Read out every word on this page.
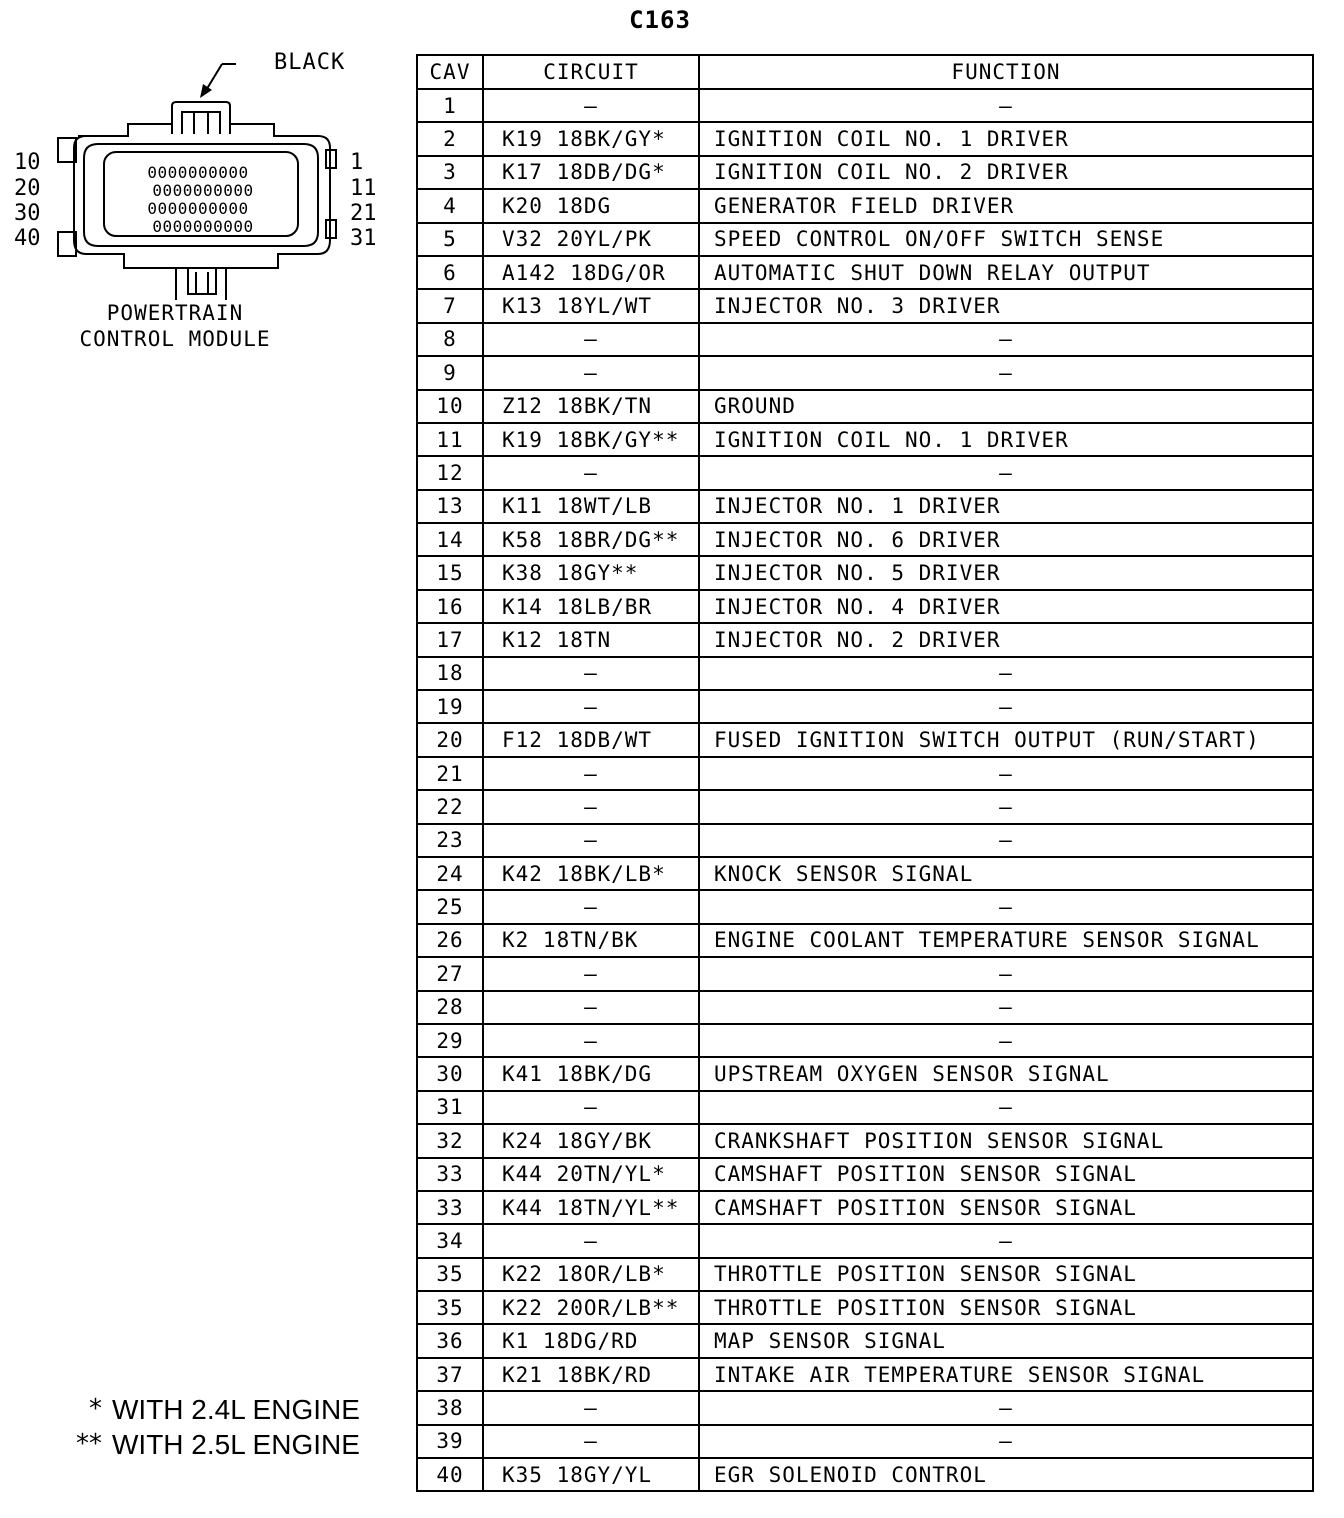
C163
0000000000
0000000000
0000000000
0000000000
BLACK
10
20
30
40
1
11
21
31
POWERTRAIN
CONTROL MODULE
* WITH 2.4L ENGINE
** WITH 2.5L ENGINE
CAV	CIRCUIT	FUNCTION
1	–	–
2	K19 18BK/GY*	IGNITION COIL NO. 1 DRIVER
3	K17 18DB/DG*	IGNITION COIL NO. 2 DRIVER
4	K20 18DG	GENERATOR FIELD DRIVER
5	V32 20YL/PK	SPEED CONTROL ON/OFF SWITCH SENSE
6	A142 18DG/OR	AUTOMATIC SHUT DOWN RELAY OUTPUT
7	K13 18YL/WT	INJECTOR NO. 3 DRIVER
8	–	–
9	–	–
10	Z12 18BK/TN	GROUND
11	K19 18BK/GY**	IGNITION COIL NO. 1 DRIVER
12	–	–
13	K11 18WT/LB	INJECTOR NO. 1 DRIVER
14	K58 18BR/DG**	INJECTOR NO. 6 DRIVER
15	K38 18GY**	INJECTOR NO. 5 DRIVER
16	K14 18LB/BR	INJECTOR NO. 4 DRIVER
17	K12 18TN	INJECTOR NO. 2 DRIVER
18	–	–
19	–	–
20	F12 18DB/WT	FUSED IGNITION SWITCH OUTPUT (RUN/START)
21	–	–
22	–	–
23	–	–
24	K42 18BK/LB*	KNOCK SENSOR SIGNAL
25	–	–
26	K2 18TN/BK	ENGINE COOLANT TEMPERATURE SENSOR SIGNAL
27	–	–
28	–	–
29	–	–
30	K41 18BK/DG	UPSTREAM OXYGEN SENSOR SIGNAL
31	–	–
32	K24 18GY/BK	CRANKSHAFT POSITION SENSOR SIGNAL
33	K44 20TN/YL*	CAMSHAFT POSITION SENSOR SIGNAL
33	K44 18TN/YL**	CAMSHAFT POSITION SENSOR SIGNAL
34	–	–
35	K22 18OR/LB*	THROTTLE POSITION SENSOR SIGNAL
35	K22 20OR/LB**	THROTTLE POSITION SENSOR SIGNAL
36	K1 18DG/RD	MAP SENSOR SIGNAL
37	K21 18BK/RD	INTAKE AIR TEMPERATURE SENSOR SIGNAL
38	–	–
39	–	–
40	K35 18GY/YL	EGR SOLENOID CONTROL
